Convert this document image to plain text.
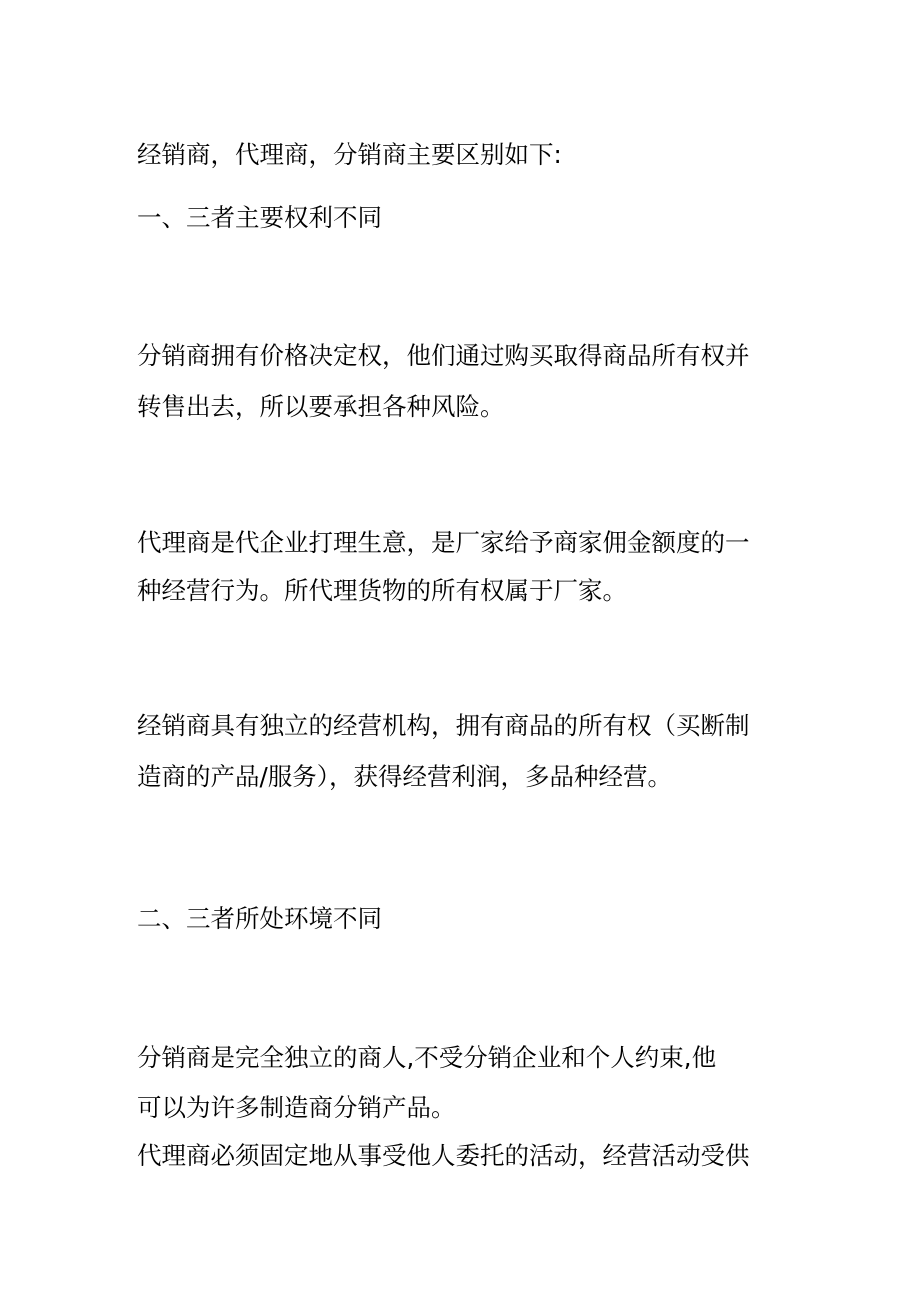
经销商，代理商，分销商主要区别如下:
一、三者主要权利不同
分销商拥有价格决定权，他们通过购买取得商品所有权并
转售出去，所以要承担各种风险。
代理商是代企业打理生意，是厂家给予商家佣金额度的一
种经营行为。所代理货物的所有权属于厂家。
经销商具有独立的经营机构，拥有商品的所有权（买断制
造商的产品/服务），获得经营利润，多品种经营。
二、三者所处环境不同
分销商是完全独立的商人,不受分销企业和个人约束,他
可以为许多制造商分销产品。
代理商必须固定地从事受他人委托的活动，经营活动受供
